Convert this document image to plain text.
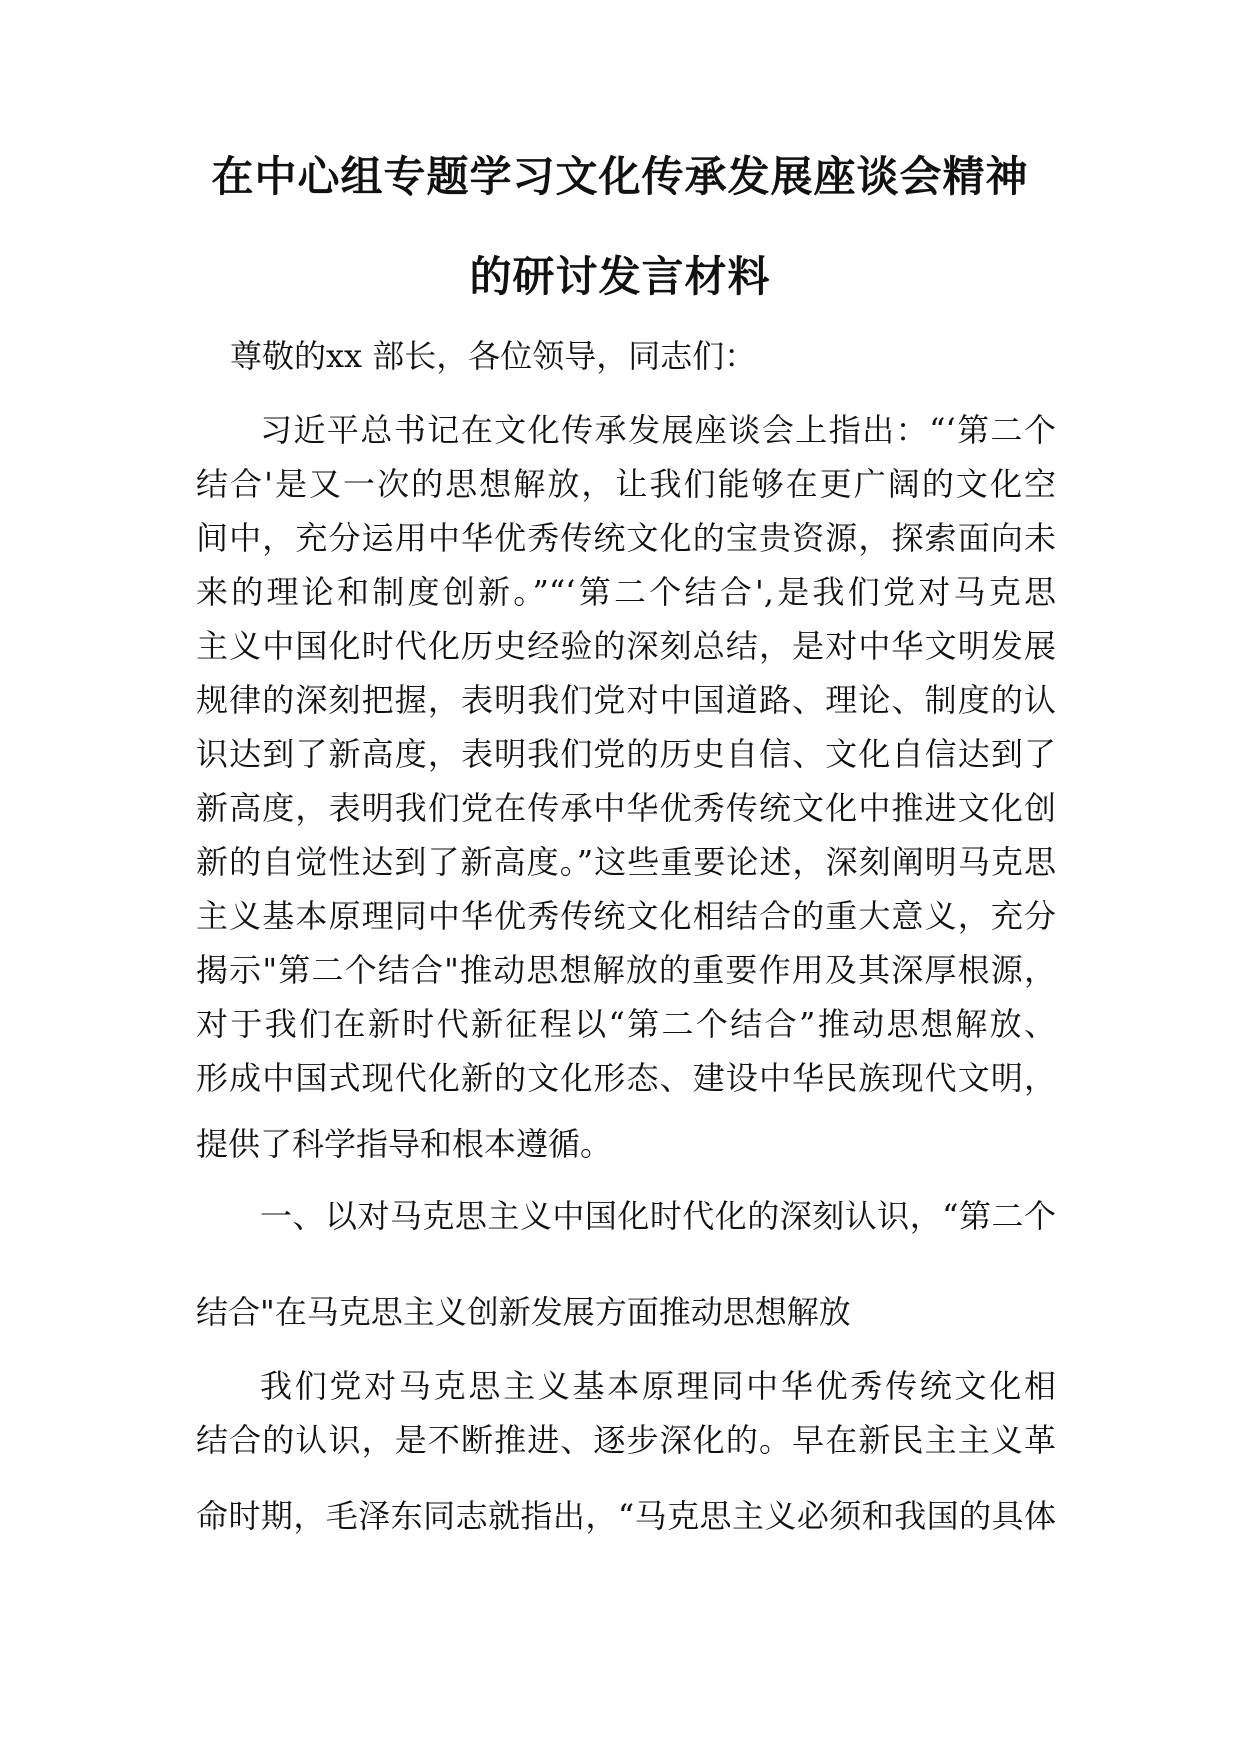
在中心组专题学习文化传承发展座谈会精神
的研讨发言材料
尊敬的xx 部长，各位领导，同志们：
习近平总书记在文化传承发展座谈会上指出：“‘第二个
结合'是又一次的思想解放，让我们能够在更广阔的文化空
间中，充分运用中华优秀传统文化的宝贵资源，探索面向未
来的理论和制度创新。”“‘第二个结合',是我们党对马克思
主义中国化时代化历史经验的深刻总结，是对中华文明发展
规律的深刻把握，表明我们党对中国道路、理论、制度的认
识达到了新高度，表明我们党的历史自信、文化自信达到了
新高度，表明我们党在传承中华优秀传统文化中推进文化创
新的自觉性达到了新高度。”这些重要论述，深刻阐明马克思
主义基本原理同中华优秀传统文化相结合的重大意义，充分
揭示"第二个结合"推动思想解放的重要作用及其深厚根源，
对于我们在新时代新征程以“第二个结合”推动思想解放、
形成中国式现代化新的文化形态、建设中华民族现代文明，
提供了科学指导和根本遵循。
一、以对马克思主义中国化时代化的深刻认识，“第二个
结合"在马克思主义创新发展方面推动思想解放
我们党对马克思主义基本原理同中华优秀传统文化相
结合的认识，是不断推进、逐步深化的。早在新民主主义革
命时期，毛泽东同志就指出，“马克思主义必须和我国的具体
